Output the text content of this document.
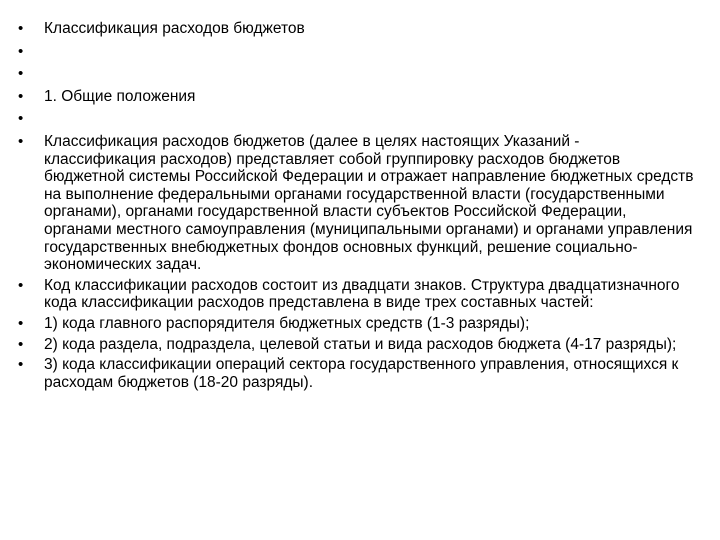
•	Классификация расходов бюджетов
•
•
•	1. Общие положения
•
•	Классификация расходов бюджетов (далее в целях настоящих Указаний - классификация расходов) представляет собой группировку расходов бюджетов бюджетной системы Российской Федерации и отражает направление бюджетных средств на выполнение федеральными органами государственной власти (государственными органами), органами государственной власти субъектов Российской Федерации, органами местного самоуправления (муниципальными органами) и органами управления государственных внебюджетных фондов основных функций, решение социально-экономических задач.
•	Код классификации расходов состоит из двадцати знаков. Структура двадцатизначного кода классификации расходов представлена в виде трех составных частей:
•	1) кода главного распорядителя бюджетных средств (1-3 разряды);
•	2) кода раздела, подраздела, целевой статьи и вида расходов бюджета (4-17 разряды);
•	3) кода классификации операций сектора государственного управления, относящихся к расходам бюджетов (18-20 разряды).
